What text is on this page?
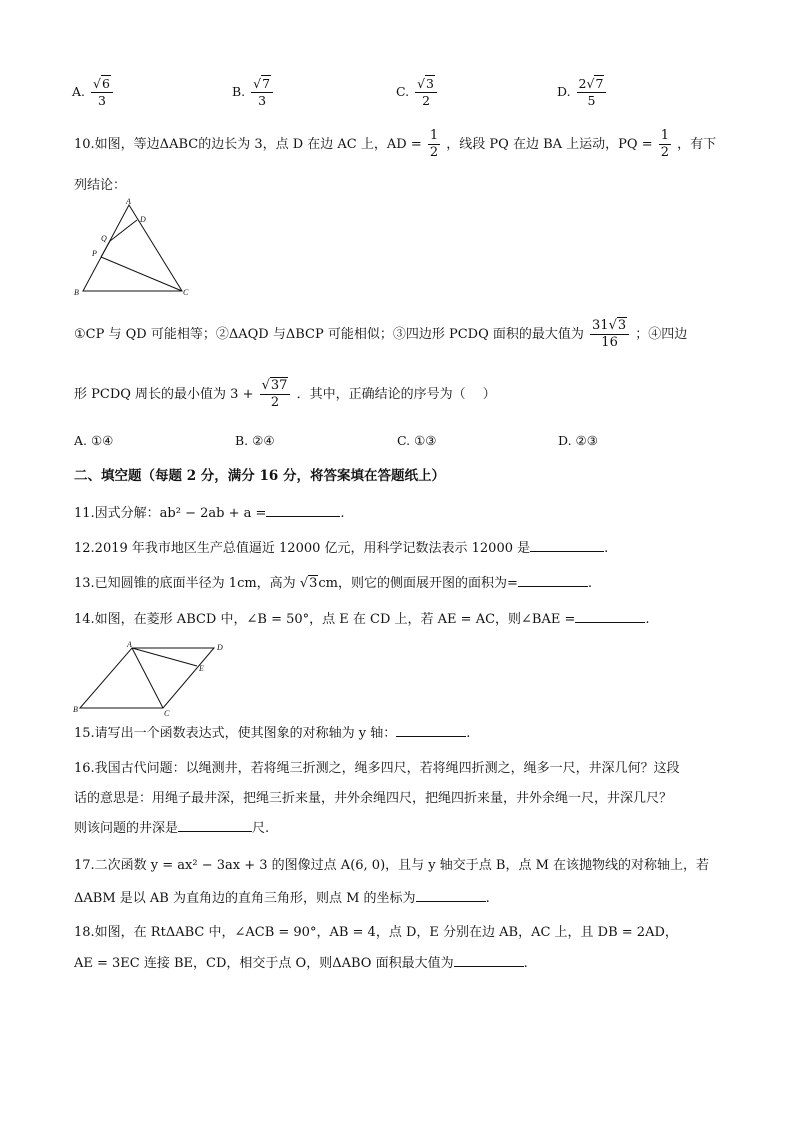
A. $\frac{√6}{3}$	B. $\frac{√7}{3}$	C. $\frac{√3}{2}$	D. $\frac{2√7}{5}$
10.如图，等边ΔABC的边长为 3，点 D 在边 AC 上，AD = $\frac{1}{2}$ ，线段 PQ 在边 BA 上运动，PQ = $\frac{1}{2}$ ，有下
列结论：
A
B	C
D
P
Q
①CP 与 QD 可能相等；②ΔAQD 与ΔBCP 可能相似；③四边形 PCDQ 面积的最大值为 $\frac{31√3}{16}$ ；④四边
形 PCDQ 周长的最小值为 $3 + \frac{√37}{2}$ ．其中，正确结论的序号为（　 ）
A. ①④	B. ②④	C. ①③	D. ②③
二、填空题（每题 2 分，满分 16 分，将答案填在答题纸上）
11.因式分解：ab² − 2ab + a =	.
12.2019 年我市地区生产总值逼近 12000 亿元，用科学记数法表示 12000 是	.
13.已知圆锥的底面半径为 1cm，高为 √3cm，则它的侧面展开图的面积为=	.
14.如图，在菱形 ABCD 中，∠B = 50°，点 E 在 CD 上，若 AE = AC，则∠BAE =	.
A
B	C
D
E
15.请写出一个函数表达式，使其图象的对称轴为 y 轴：	.
16.我国古代问题：以绳测井，若将绳三折测之，绳多四尺，若将绳四折测之，绳多一尺，井深几何？这段
话的意思是：用绳子最井深，把绳三折来量，井外余绳四尺，把绳四折来量，井外余绳一尺，井深几尺？
则该问题的井深是	尺.
17.二次函数 y = ax² − 3ax + 3 的图像过点 A(6, 0)，且与 y 轴交于点 B，点 M 在该抛物线的对称轴上，若
ΔABM 是以 AB 为直角边的直角三角形，则点 M 的坐标为	.
18.如图，在 RtΔABC 中，∠ACB = 90°，AB = 4，点 D，E 分别在边 AB，AC 上，且 DB = 2AD，
AE = 3EC 连接 BE，CD，相交于点 O，则ΔABO 面积最大值为	.
